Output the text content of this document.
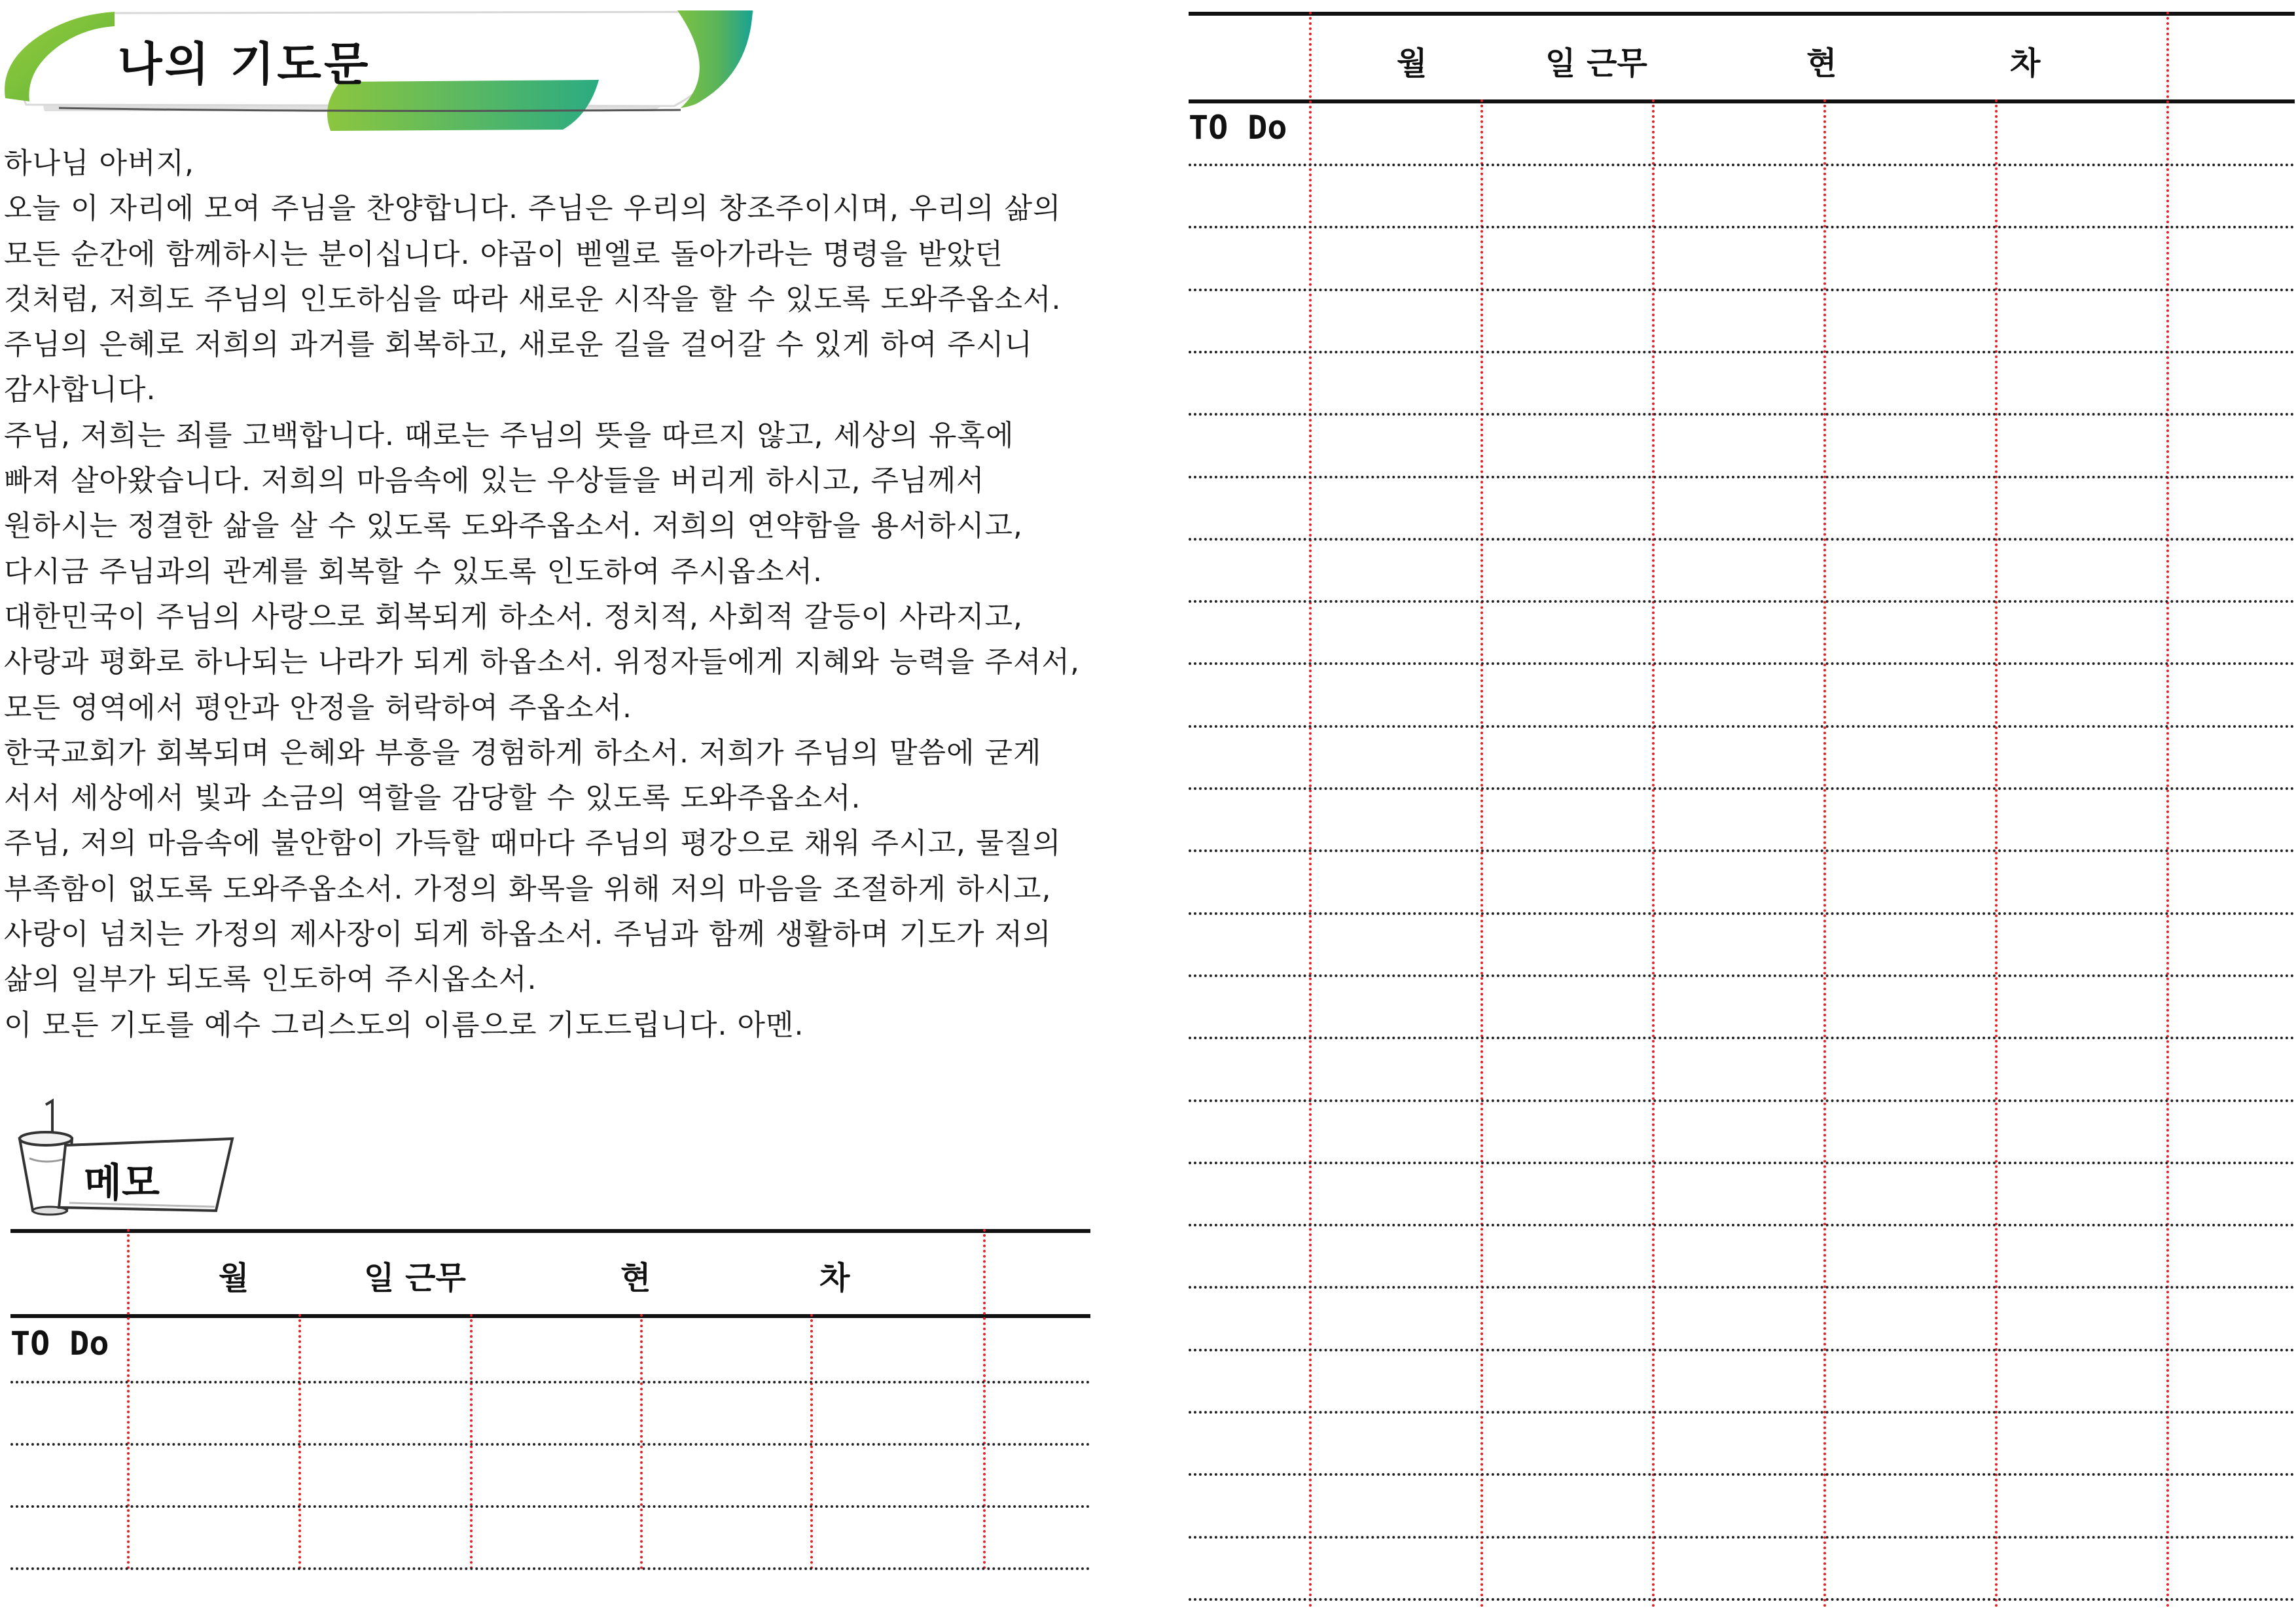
나의 기도문
하나님 아버지,
오늘 이 자리에 모여 주님을 찬양합니다. 주님은 우리의 창조주이시며, 우리의 삶의
모든 순간에 함께하시는 분이십니다. 야곱이 벧엘로 돌아가라는 명령을 받았던
것처럼, 저희도 주님의 인도하심을 따라 새로운 시작을 할 수 있도록 도와주옵소서.
주님의 은혜로 저희의 과거를 회복하고, 새로운 길을 걸어갈 수 있게 하여 주시니
감사합니다.
주님, 저희는 죄를 고백합니다. 때로는 주님의 뜻을 따르지 않고, 세상의 유혹에
빠져 살아왔습니다. 저희의 마음속에 있는 우상들을 버리게 하시고, 주님께서
원하시는 정결한 삶을 살 수 있도록 도와주옵소서. 저희의 연약함을 용서하시고,
다시금 주님과의 관계를 회복할 수 있도록 인도하여 주시옵소서.
대한민국이 주님의 사랑으로 회복되게 하소서. 정치적, 사회적 갈등이 사라지고,
사랑과 평화로 하나되는 나라가 되게 하옵소서. 위정자들에게 지혜와 능력을 주셔서,
모든 영역에서 평안과 안정을 허락하여 주옵소서.
한국교회가 회복되며 은혜와 부흥을 경험하게 하소서. 저희가 주님의 말씀에 굳게
서서 세상에서 빛과 소금의 역할을 감당할 수 있도록 도와주옵소서.
주님, 저의 마음속에 불안함이 가득할 때마다 주님의 평강으로 채워 주시고, 물질의
부족함이 없도록 도와주옵소서. 가정의 화목을 위해 저의 마음을 조절하게 하시고,
사랑이 넘치는 가정의 제사장이 되게 하옵소서. 주님과 함께 생활하며 기도가 저의
삶의 일부가 되도록 인도하여 주시옵소서.
이 모든 기도를 예수 그리스도의 이름으로 기도드립니다. 아멘.
메모
월	일 근무	현	차
TO Do
월	일 근무	현	차
TO Do
